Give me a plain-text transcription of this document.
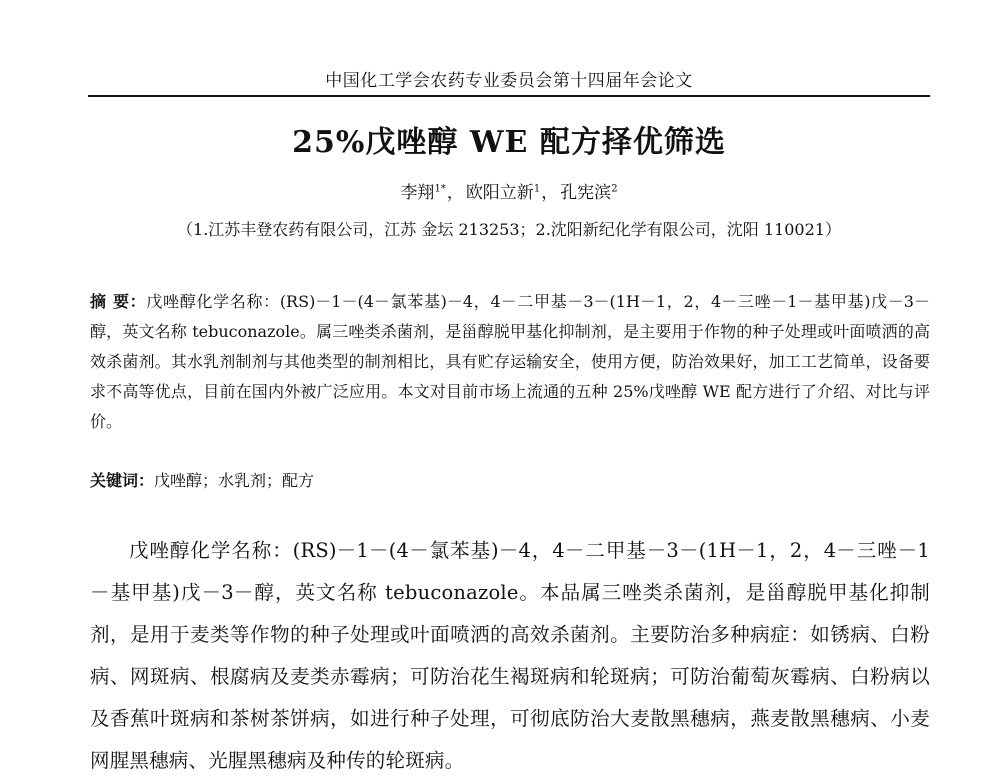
中国化工学会农药专业委员会第十四届年会论文
25%戊唑醇 WE 配方择优筛选
李翔$^{1*}$， 欧阳立新$^1$， 孔宪滨$^2$
（1.江苏丰登农药有限公司，江苏 金坛 213253；2.沈阳新纪化学有限公司，沈阳 110021）
摘 要：戊唑醇化学名称：(RS)－1－(4－氯苯基)－4，4－二甲基－3－(1H－1，2，4－三唑－1－基甲基)戊－3－醇，英文名称 tebuconazole。属三唑类杀菌剂，是甾醇脱甲基化抑制剂，是主要用于作物的种子处理或叶面喷洒的高效杀菌剂。其水乳剂制剂与其他类型的制剂相比，具有贮存运输安全，使用方便，防治效果好，加工工艺简单，设备要求不高等优点，目前在国内外被广泛应用。本文对目前市场上流通的五种 25%戊唑醇 WE 配方进行了介绍、对比与评价。
关键词：戊唑醇；水乳剂；配方
戊唑醇化学名称：(RS)－1－(4－氯苯基)－4，4－二甲基－3－(1H－1，2，4－三唑－1－基甲基)戊－3－醇，英文名称 tebuconazole。本品属三唑类杀菌剂，是甾醇脱甲基化抑制剂，是用于麦类等作物的种子处理或叶面喷洒的高效杀菌剂。主要防治多种病症：如锈病、白粉病、网斑病、根腐病及麦类赤霉病；可防治花生褐斑病和轮斑病；可防治葡萄灰霉病、白粉病以及香蕉叶斑病和茶树茶饼病，如进行种子处理，可彻底防治大麦散黑穗病，燕麦散黑穗病、小麦网腥黑穗病、光腥黑穗病及种传的轮斑病。
